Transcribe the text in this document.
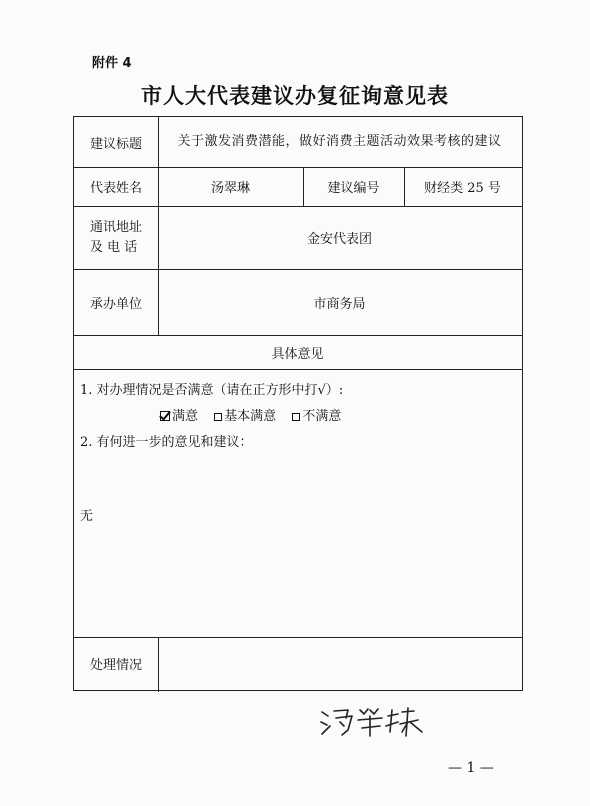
附件 4
市人大代表建议办复征询意见表
建议标题	关于激发消费潜能，做好消费主题活动效果考核的建议
代表姓名	汤翠琳	建议编号	财经类 25 号
通讯地址
及 电 话	金安代表团
承办单位	市商务局
具体意见
1. 对办理情况是否满意（请在正方形中打√）:
满意 基本满意 不满意
2. 有何进一步的意见和建议：
无
处理情况
— 1 —
